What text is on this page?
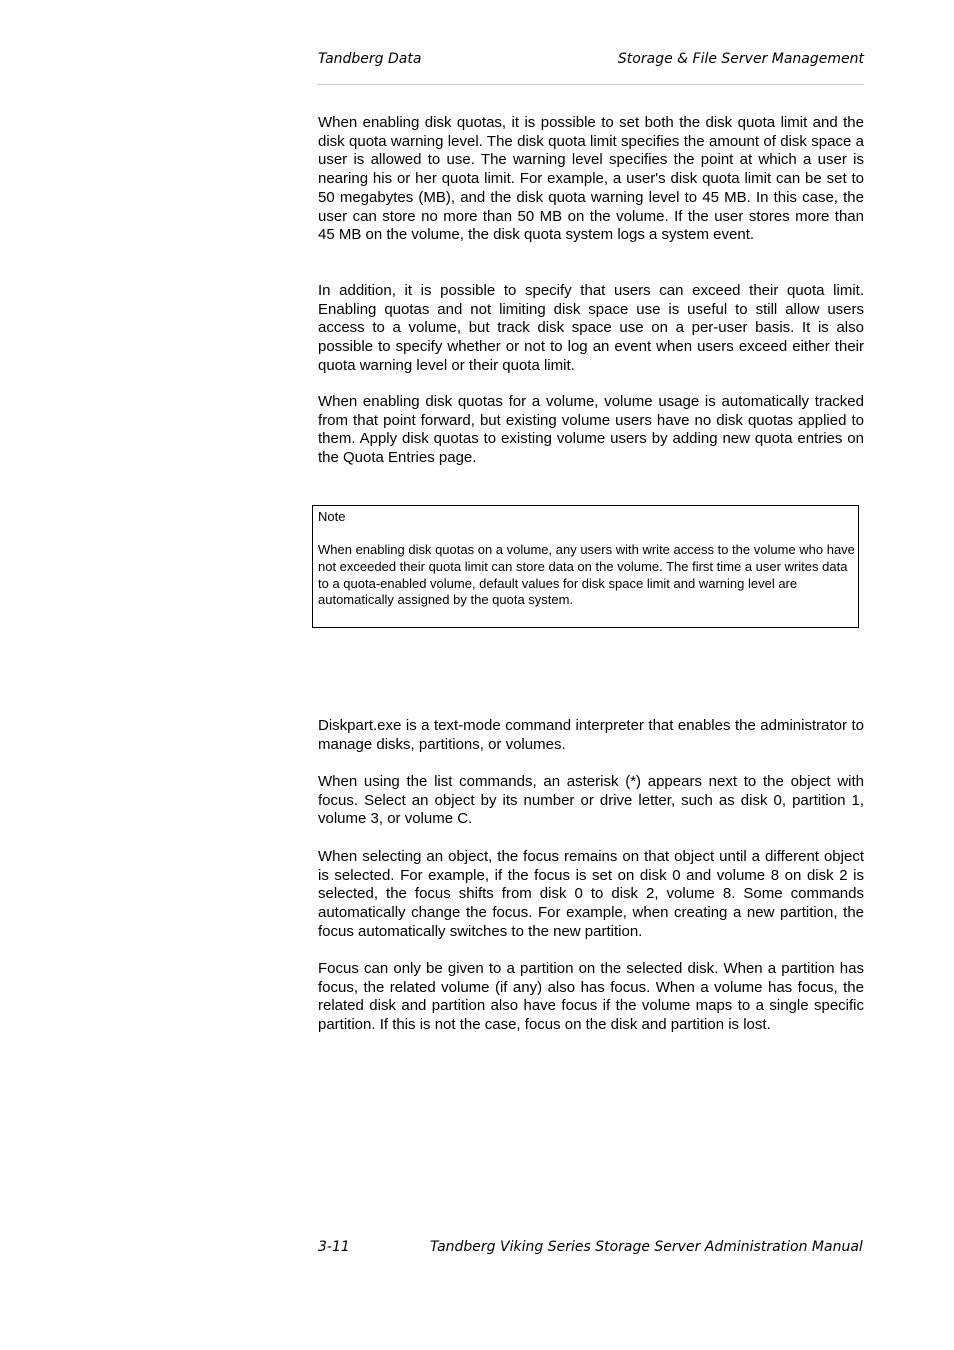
Tandberg Data	Storage & File Server Management

When enabling disk quotas, it is possible to set both the disk quota limit and the disk quota warning level. The disk quota limit specifies the amount of disk space a user is allowed to use. The warning level specifies the point at which a user is nearing his or her quota limit. For example, a user's disk quota limit can be set to 50 megabytes (MB), and the disk quota warning level to 45 MB. In this case, the user can store no more than 50 MB on the volume. If the user stores more than 45 MB on the volume, the disk quota system logs a system event.

In addition, it is possible to specify that users can exceed their quota limit. Enabling quotas and not limiting disk space use is useful to still allow users access to a volume, but track disk space use on a per-user basis. It is also possible to specify whether or not to log an event when users exceed either their quota warning level or their quota limit.

When enabling disk quotas for a volume, volume usage is automatically tracked from that point forward, but existing volume users have no disk quotas applied to them. Apply disk quotas to existing volume users by adding new quota entries on the Quota Entries page.

Note

When enabling disk quotas on a volume, any users with write access to the volume who have not exceeded their quota limit can store data on the volume. The first time a user writes data to a quota-enabled volume, default values for disk space limit and warning level are automatically assigned by the quota system.

Diskpart.exe is a text-mode command interpreter that enables the administrator to manage disks, partitions, or volumes.

When using the list commands, an asterisk (*) appears next to the object with focus. Select an object by its number or drive letter, such as disk 0, partition 1, volume 3, or volume C.

When selecting an object, the focus remains on that object until a different object is selected. For example, if the focus is set on disk 0 and volume 8 on disk 2 is selected, the focus shifts from disk 0 to disk 2, volume 8. Some commands automatically change the focus. For example, when creating a new partition, the focus automatically switches to the new partition.

Focus can only be given to a partition on the selected disk. When a partition has focus, the related volume (if any) also has focus. When a volume has focus, the related disk and partition also have focus if the volume maps to a single specific partition. If this is not the case, focus on the disk and partition is lost.

3-11	Tandberg Viking Series Storage Server Administration Manual
